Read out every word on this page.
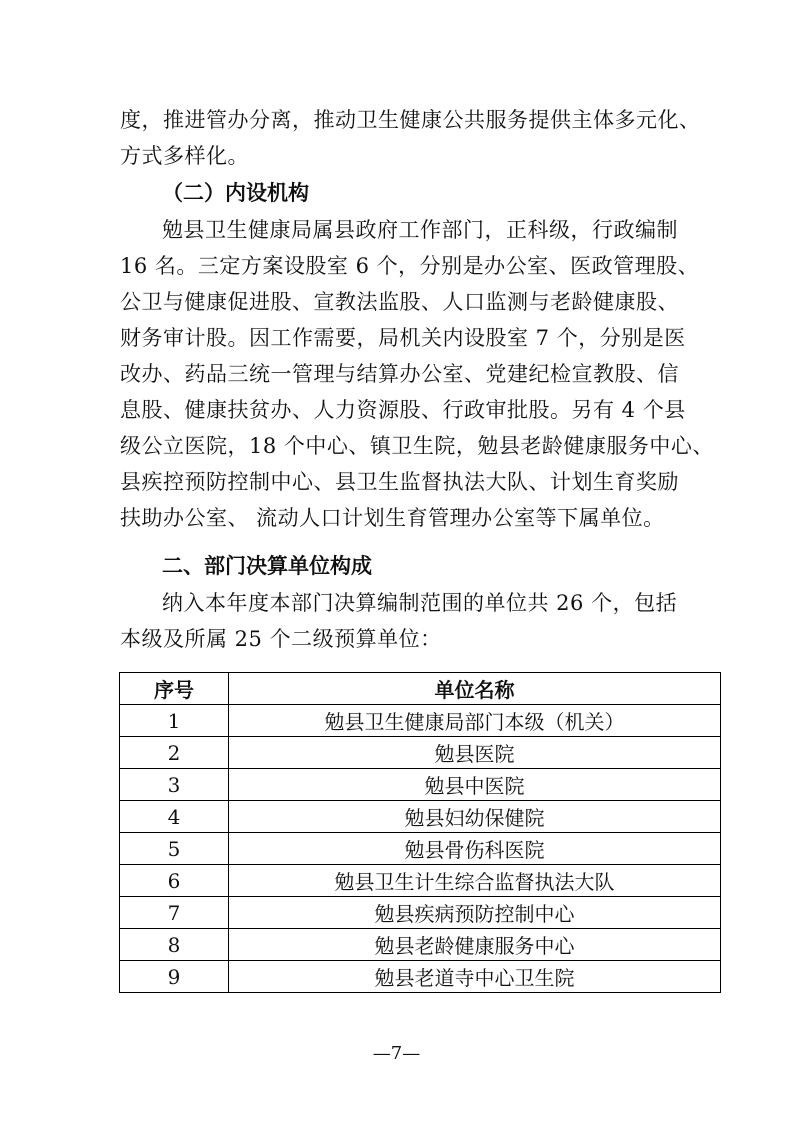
度，推进管办分离，推动卫生健康公共服务提供主体多元化、
方式多样化。

（二）内设机构

勉县卫生健康局属县政府工作部门，正科级，行政编制
16 名。三定方案设股室 6 个，分别是办公室、医政管理股、
公卫与健康促进股、宣教法监股、人口监测与老龄健康股、
财务审计股。因工作需要，局机关内设股室 7 个，分别是医
改办、药品三统一管理与结算办公室、党建纪检宣教股、信
息股、健康扶贫办、人力资源股、行政审批股。另有 4 个县
级公立医院，18 个中心、镇卫生院，勉县老龄健康服务中心、
县疾控预防控制中心、县卫生监督执法大队、计划生育奖励
扶助办公室、 流动人口计划生育管理办公室等下属单位。

二、部门决算单位构成

纳入本年度本部门决算编制范围的单位共 26 个，包括
本级及所属 25 个二级预算单位：

序号	单位名称
1	勉县卫生健康局部门本级（机关）
2	勉县医院
3	勉县中医院
4	勉县妇幼保健院
5	勉县骨伤科医院
6	勉县卫生计生综合监督执法大队
7	勉县疾病预防控制中心
8	勉县老龄健康服务中心
9	勉县老道寺中心卫生院
—7—
